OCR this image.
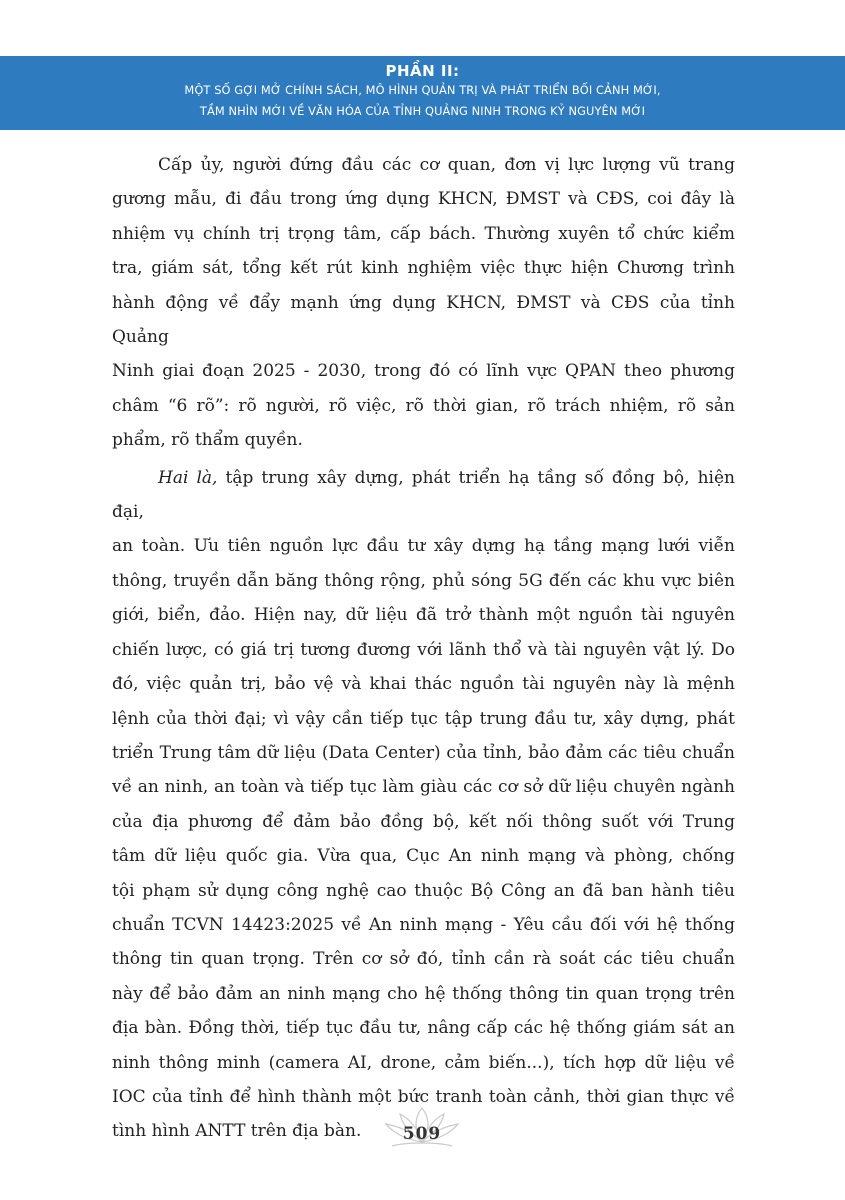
PHẦN II:
MỘT SỐ GỢI MỞ CHÍNH SÁCH, MÔ HÌNH QUẢN TRỊ VÀ PHÁT TRIỂN BỐI CẢNH MỚI,
TẦM NHÌN MỚI VỀ VĂN HÓA CỦA TỈNH QUẢNG NINH TRONG KỶ NGUYÊN MỚI
Cấp ủy, người đứng đầu các cơ quan, đơn vị lực lượng vũ trang
gương mẫu, đi đầu trong ứng dụng KHCN, ĐMST và CĐS, coi đây là
nhiệm vụ chính trị trọng tâm, cấp bách. Thường xuyên tổ chức kiểm
tra, giám sát, tổng kết rút kinh nghiệm việc thực hiện Chương trình
hành động về đẩy mạnh ứng dụng KHCN, ĐMST và CĐS của tỉnh Quảng
Ninh giai đoạn 2025 - 2030, trong đó có lĩnh vực QPAN theo phương
châm “6 rõ”: rõ người, rõ việc, rõ thời gian, rõ trách nhiệm, rõ sản
phẩm, rõ thẩm quyền.
Hai là, tập trung xây dựng, phát triển hạ tầng số đồng bộ, hiện đại,
an toàn. Ưu tiên nguồn lực đầu tư xây dựng hạ tầng mạng lưới viễn
thông, truyền dẫn băng thông rộng, phủ sóng 5G đến các khu vực biên
giới, biển, đảo. Hiện nay, dữ liệu đã trở thành một nguồn tài nguyên
chiến lược, có giá trị tương đương với lãnh thổ và tài nguyên vật lý. Do
đó, việc quản trị, bảo vệ và khai thác nguồn tài nguyên này là mệnh
lệnh của thời đại; vì vậy cần tiếp tục tập trung đầu tư, xây dựng, phát
triển Trung tâm dữ liệu (Data Center) của tỉnh, bảo đảm các tiêu chuẩn
về an ninh, an toàn và tiếp tục làm giàu các cơ sở dữ liệu chuyên ngành
của địa phương để đảm bảo đồng bộ, kết nối thông suốt với Trung
tâm dữ liệu quốc gia. Vừa qua, Cục An ninh mạng và phòng, chống
tội phạm sử dụng công nghệ cao thuộc Bộ Công an đã ban hành tiêu
chuẩn TCVN 14423:2025 về An ninh mạng - Yêu cầu đối với hệ thống
thông tin quan trọng. Trên cơ sở đó, tỉnh cần rà soát các tiêu chuẩn
này để bảo đảm an ninh mạng cho hệ thống thông tin quan trọng trên
địa bàn. Đồng thời, tiếp tục đầu tư, nâng cấp các hệ thống giám sát an
ninh thông minh (camera AI, drone, cảm biến...), tích hợp dữ liệu về
IOC của tỉnh để hình thành một bức tranh toàn cảnh, thời gian thực về
tình hình ANTT trên địa bàn.	509
